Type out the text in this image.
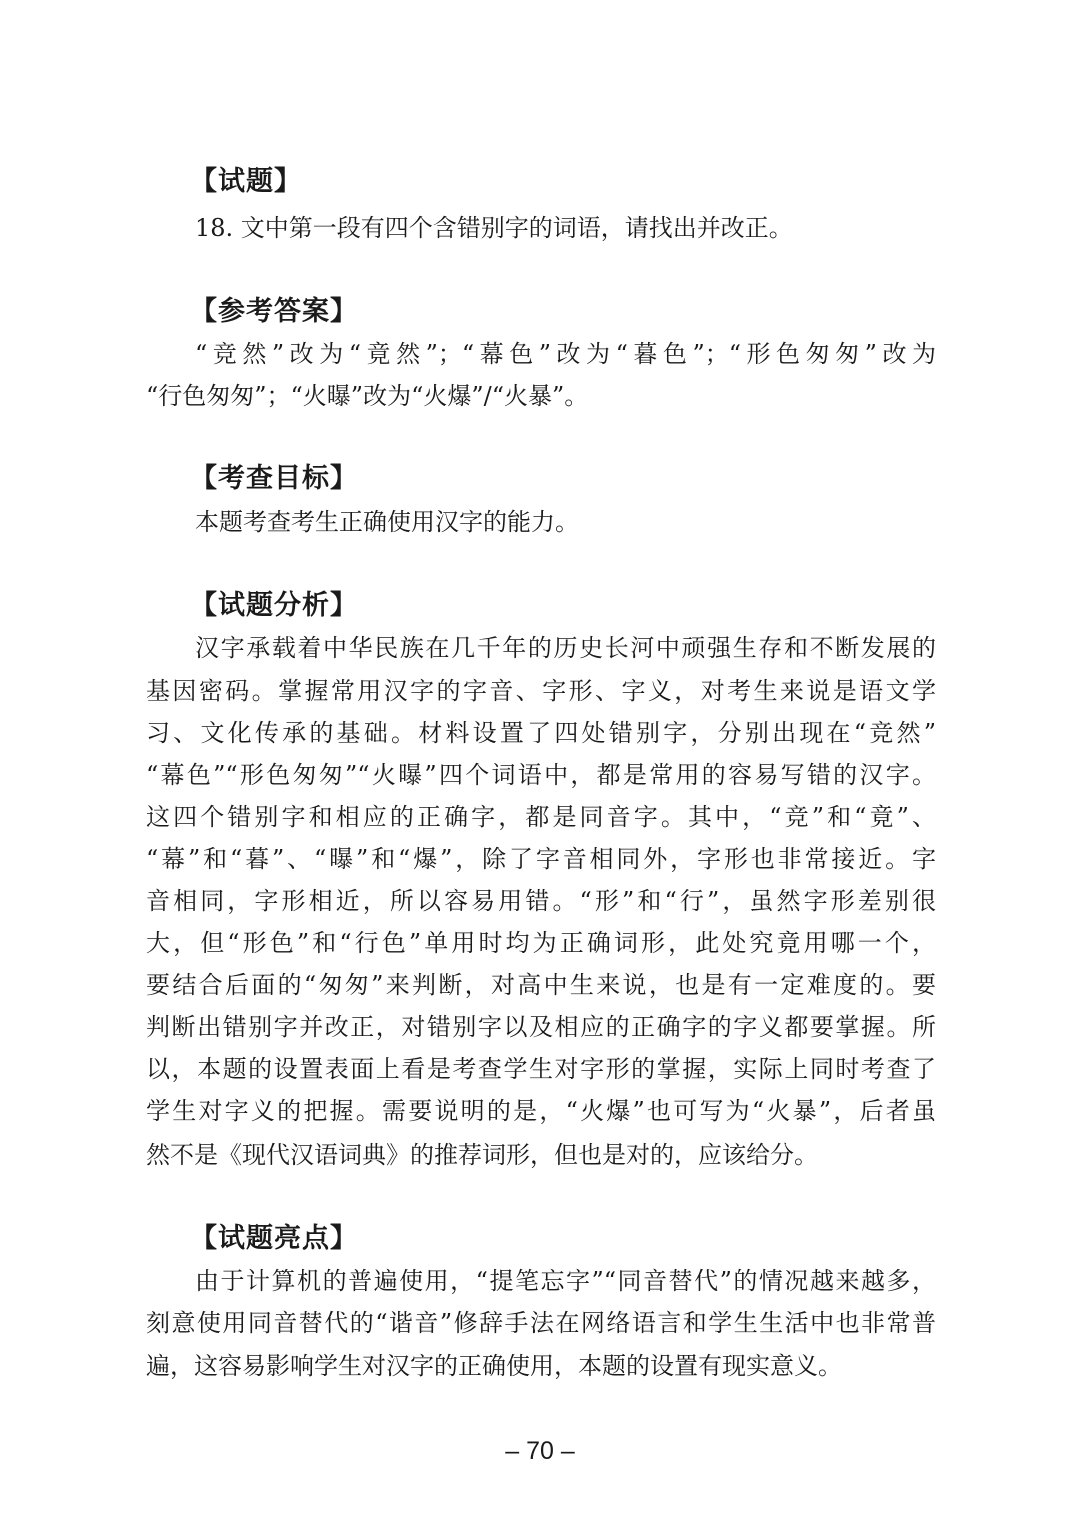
【试题】
18. 文中第一段有四个含错别字的词语，请找出并改正。
【参考答案】
“竞然”改为“竟然”；“幕色”改为“暮色”；“形色匆匆”改为
“行色匆匆”；“火曝”改为“火爆”/“火暴”。
【考查目标】
本题考查考生正确使用汉字的能力。
【试题分析】
汉字承载着中华民族在几千年的历史长河中顽强生存和不断发展的
基因密码。掌握常用汉字的字音、字形、字义，对考生来说是语文学
习、文化传承的基础。材料设置了四处错别字，分别出现在“竞然”
“幕色”“形色匆匆”“火曝”四个词语中，都是常用的容易写错的汉字。
这四个错别字和相应的正确字，都是同音字。其中，“竞”和“竟”、
“幕”和“暮”、“曝”和“爆”，除了字音相同外，字形也非常接近。字
音相同，字形相近，所以容易用错。“形”和“行”，虽然字形差别很
大，但“形色”和“行色”单用时均为正确词形，此处究竟用哪一个，
要结合后面的“匆匆”来判断，对高中生来说，也是有一定难度的。要
判断出错别字并改正，对错别字以及相应的正确字的字义都要掌握。所
以，本题的设置表面上看是考查学生对字形的掌握，实际上同时考查了
学生对字义的把握。需要说明的是，“火爆”也可写为“火暴”，后者虽
然不是《现代汉语词典》的推荐词形，但也是对的，应该给分。
【试题亮点】
由于计算机的普遍使用，“提笔忘字”“同音替代”的情况越来越多，
刻意使用同音替代的“谐音”修辞手法在网络语言和学生生活中也非常普
遍，这容易影响学生对汉字的正确使用，本题的设置有现实意义。
– 70 –
